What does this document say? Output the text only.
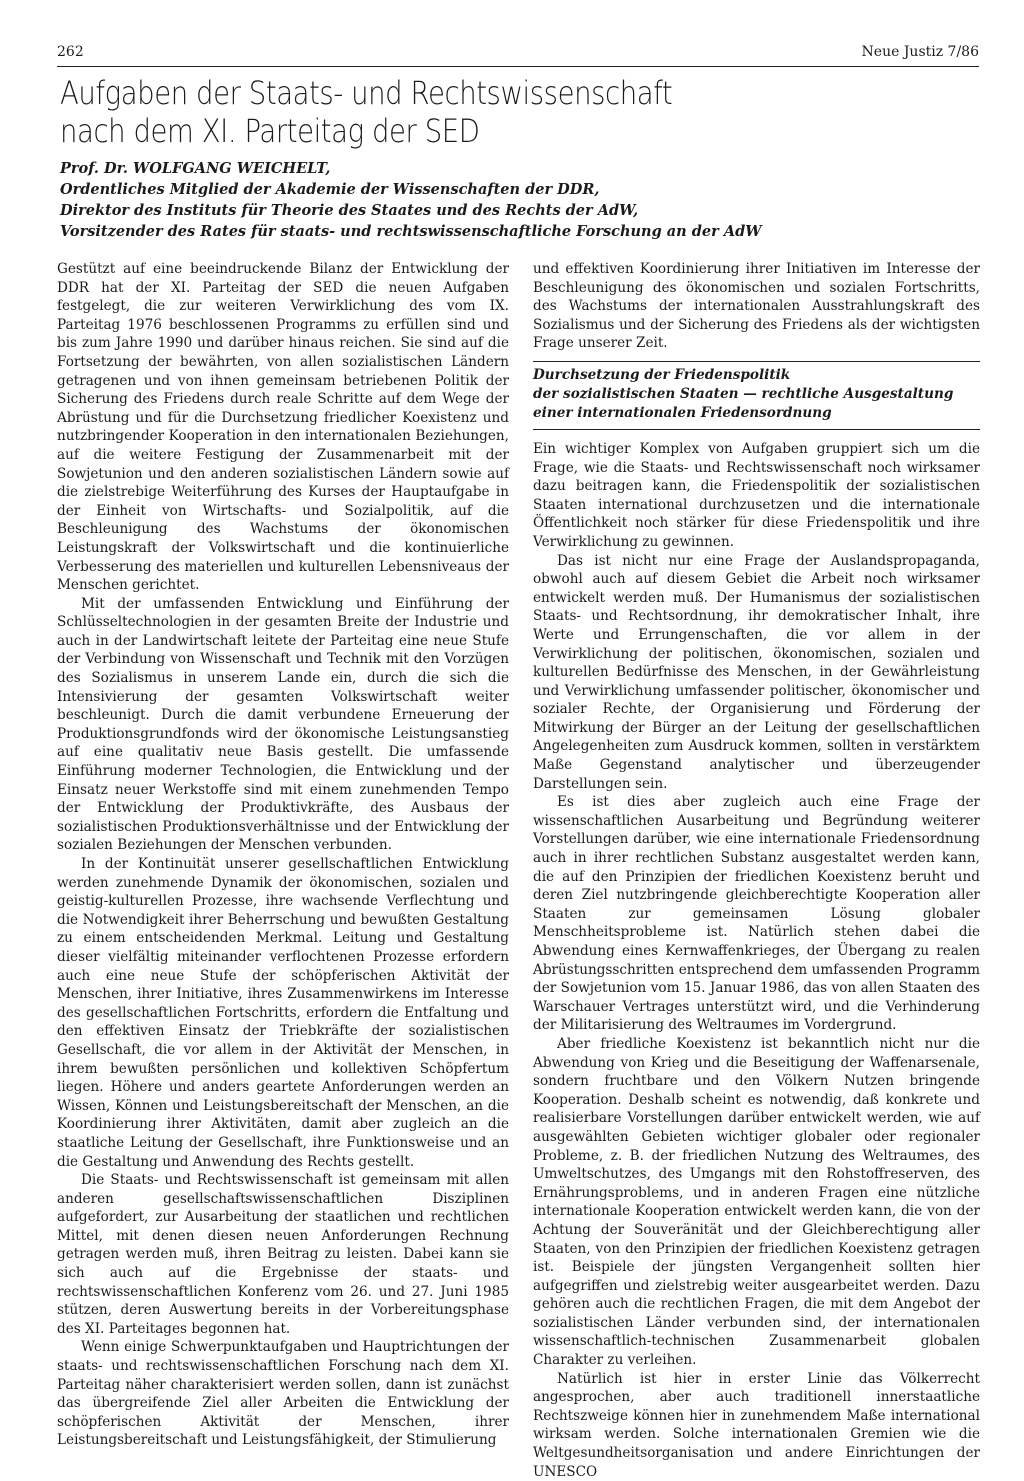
262	Neue Justiz 7/86
Aufgaben der Staats- und Rechtswissenschaft
nach dem XI. Parteitag der SED
Prof. Dr. WOLFGANG WEICHELT,
Ordentliches Mitglied der Akademie der Wissenschaften der DDR,
Direktor des Instituts für Theorie des Staates und des Rechts der AdW,
Vorsitzender des Rates für staats- und rechtswissenschaftliche Forschung an der AdW

Gestützt auf eine beeindruckende Bilanz der Entwicklung der DDR hat der XI. Parteitag der SED die neuen Aufgaben festgelegt, die zur weiteren Verwirklichung des vom IX. Parteitag 1976 beschlossenen Programms zu erfüllen sind und bis zum Jahre 1990 und darüber hinaus reichen. Sie sind auf die Fortsetzung der bewährten, von allen sozialistischen Ländern getragenen und von ihnen gemeinsam betriebenen Politik der Sicherung des Friedens durch reale Schritte auf dem Wege der Abrüstung und für die Durchsetzung friedlicher Koexistenz und nutzbringender Kooperation in den internationalen Beziehungen, auf die weitere Festigung der Zusammenarbeit mit der Sowjetunion und den anderen sozialistischen Ländern sowie auf die zielstrebige Weiterführung des Kurses der Hauptaufgabe in der Einheit von Wirtschafts- und Sozialpolitik, auf die Beschleunigung des Wachstums der ökonomischen Leistungskraft der Volkswirtschaft und die kontinuierliche Verbesserung des materiellen und kulturellen Lebensniveaus der Menschen gerichtet.

Mit der umfassenden Entwicklung und Einführung der Schlüsseltechnologien in der gesamten Breite der Industrie und auch in der Landwirtschaft leitete der Parteitag eine neue Stufe der Verbindung von Wissenschaft und Technik mit den Vorzügen des Sozialismus in unserem Lande ein, durch die sich die Intensivierung der gesamten Volkswirtschaft weiter beschleunigt. Durch die damit verbundene Erneuerung der Produktionsgrundfonds wird der ökonomische Leistungsanstieg auf eine qualitativ neue Basis gestellt. Die umfassende Einführung moderner Technologien, die Entwicklung und der Einsatz neuer Werkstoffe sind mit einem zunehmenden Tempo der Entwicklung der Produktivkräfte, des Ausbaus der sozialistischen Produktionsverhältnisse und der Entwicklung der sozialen Beziehungen der Menschen verbunden.

In der Kontinuität unserer gesellschaftlichen Entwicklung werden zunehmende Dynamik der ökonomischen, sozialen und geistig-kulturellen Prozesse, ihre wachsende Verflechtung und die Notwendigkeit ihrer Beherrschung und bewußten Gestaltung zu einem entscheidenden Merkmal. Leitung und Gestaltung dieser vielfältig miteinander verflochtenen Prozesse erfordern auch eine neue Stufe der schöpferischen Aktivität der Menschen, ihrer Initiative, ihres Zusammenwirkens im Interesse des gesellschaftlichen Fortschritts, erfordern die Entfaltung und den effektiven Einsatz der Triebkräfte der sozialistischen Gesellschaft, die vor allem in der Aktivität der Menschen, in ihrem bewußten persönlichen und kollektiven Schöpfertum liegen. Höhere und anders geartete Anforderungen werden an Wissen, Können und Leistungsbereitschaft der Menschen, an die Koordinierung ihrer Aktivitäten, damit aber zugleich an die staatliche Leitung der Gesellschaft, ihre Funktionsweise und an die Gestaltung und Anwendung des Rechts gestellt.

Die Staats- und Rechtswissenschaft ist gemeinsam mit allen anderen gesellschaftswissenschaftlichen Disziplinen aufgefordert, zur Ausarbeitung der staatlichen und rechtlichen Mittel, mit denen diesen neuen Anforderungen Rechnung getragen werden muß, ihren Beitrag zu leisten. Dabei kann sie sich auch auf die Ergebnisse der staats- und rechtswissenschaftlichen Konferenz vom 26. und 27. Juni 1985 stützen, deren Auswertung bereits in der Vorbereitungsphase des XI. Parteitages begonnen hat.

Wenn einige Schwerpunktaufgaben und Hauptrichtungen der staats- und rechtswissenschaftlichen Forschung nach dem XI. Parteitag näher charakterisiert werden sollen, dann ist zunächst das übergreifende Ziel aller Arbeiten die Entwicklung der schöpferischen Aktivität der Menschen, ihrer Leistungsbereitschaft und Leistungsfähigkeit, der Stimulierung

und effektiven Koordinierung ihrer Initiativen im Interesse der Beschleunigung des ökonomischen und sozialen Fortschritts, des Wachstums der internationalen Ausstrahlungskraft des Sozialismus und der Sicherung des Friedens als der wichtigsten Frage unserer Zeit.

Durchsetzung der Friedenspolitik
der sozialistischen Staaten — rechtliche Ausgestaltung
einer internationalen Friedensordnung

Ein wichtiger Komplex von Aufgaben gruppiert sich um die Frage, wie die Staats- und Rechtswissenschaft noch wirksamer dazu beitragen kann, die Friedenspolitik der sozialistischen Staaten international durchzusetzen und die internationale Öffentlichkeit noch stärker für diese Friedenspolitik und ihre Verwirklichung zu gewinnen.

Das ist nicht nur eine Frage der Auslandspropaganda, obwohl auch auf diesem Gebiet die Arbeit noch wirksamer entwickelt werden muß. Der Humanismus der sozialistischen Staats- und Rechtsordnung, ihr demokratischer Inhalt, ihre Werte und Errungenschaften, die vor allem in der Verwirklichung der politischen, ökonomischen, sozialen und kulturellen Bedürfnisse des Menschen, in der Gewährleistung und Verwirklichung umfassender politischer, ökonomischer und sozialer Rechte, der Organisierung und Förderung der Mitwirkung der Bürger an der Leitung der gesellschaftlichen Angelegenheiten zum Ausdruck kommen, sollten in verstärktem Maße Gegenstand analytischer und überzeugender Darstellungen sein.

Es ist dies aber zugleich auch eine Frage der wissenschaftlichen Ausarbeitung und Begründung weiterer Vorstellungen darüber, wie eine internationale Friedensordnung auch in ihrer rechtlichen Substanz ausgestaltet werden kann, die auf den Prinzipien der friedlichen Koexistenz beruht und deren Ziel nutzbringende gleichberechtigte Kooperation aller Staaten zur gemeinsamen Lösung globaler Menschheitsprobleme ist. Natürlich stehen dabei die Abwendung eines Kernwaffenkrieges, der Übergang zu realen Abrüstungsschritten entsprechend dem umfassenden Programm der Sowjetunion vom 15. Januar 1986, das von allen Staaten des Warschauer Vertrages unterstützt wird, und die Verhinderung der Militarisierung des Weltraumes im Vordergrund.

Aber friedliche Koexistenz ist bekanntlich nicht nur die Abwendung von Krieg und die Beseitigung der Waffenarsenale, sondern fruchtbare und den Völkern Nutzen bringende Kooperation. Deshalb scheint es notwendig, daß konkrete und realisierbare Vorstellungen darüber entwickelt werden, wie auf ausgewählten Gebieten wichtiger globaler oder regionaler Probleme, z. B. der friedlichen Nutzung des Weltraumes, des Umweltschutzes, des Umgangs mit den Rohstoffreserven, des Ernährungsproblems, und in anderen Fragen eine nützliche internationale Kooperation entwickelt werden kann, die von der Achtung der Souveränität und der Gleichberechtigung aller Staaten, von den Prinzipien der friedlichen Koexistenz getragen ist. Beispiele der jüngsten Vergangenheit sollten hier aufgegriffen und zielstrebig weiter ausgearbeitet werden. Dazu gehören auch die rechtlichen Fragen, die mit dem Angebot der sozialistischen Länder verbunden sind, der internationalen wissenschaftlich-technischen Zusammenarbeit globalen Charakter zu verleihen.

Natürlich ist hier in erster Linie das Völkerrecht angesprochen, aber auch traditionell innerstaatliche Rechtszweige können hier in zunehmendem Maße international wirksam werden. Solche internationalen Gremien wie die Weltgesundheitsorganisation und andere Einrichtungen der UNESCO
